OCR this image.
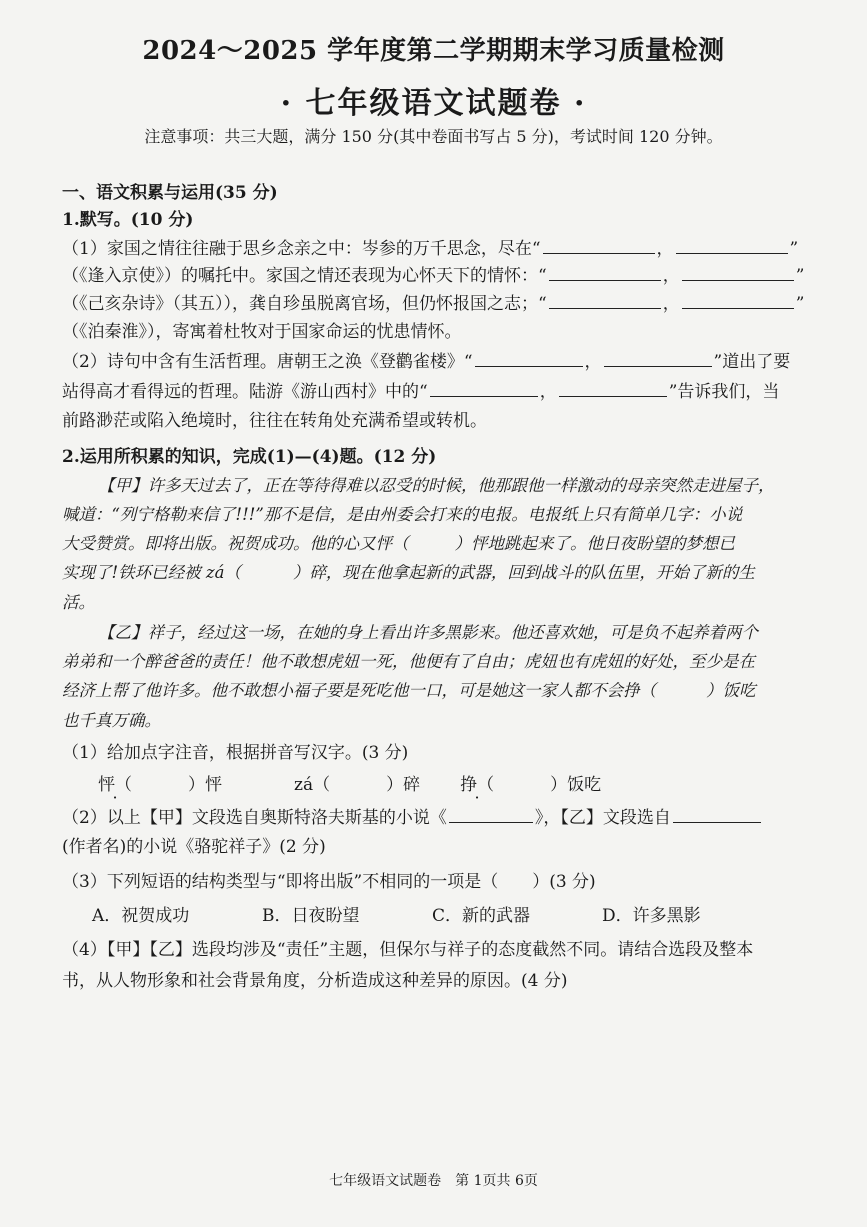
2024～2025 学年度第二学期期末学习质量检测
· 七年级语文试题卷 ·
注意事项：共三大题，满分 150 分(其中卷面书写占 5 分)，考试时间 120 分钟。
一、语文积累与运用(35 分)
1.默写。(10 分)
（1）家国之情往往融于思乡念亲之中：岑参的万千思念，尽在“	，	”
（《逢入京使》）的嘱托中。家国之情还表现为心怀天下的情怀：“	，	”
（《己亥杂诗》（其五）），龚自珍虽脱离官场，但仍怀报国之志；“	，	”
（《泊秦淮》），寄寓着杜牧对于国家命运的忧患情怀。
（2）诗句中含有生活哲理。唐朝王之涣《登鹳雀楼》“	，	”道出了要
站得高才看得远的哲理。陆游《游山西村》中的“	，	”告诉我们，当
前路渺茫或陷入绝境时，往往在转角处充满希望或转机。
2.运用所积累的知识，完成(1)—(4)题。(12 分)
【甲】许多天过去了，正在等待得难以忍受的时候，他那跟他一样激动的母亲突然走进屋子，
喊道：“列宁格勒来信了!!!”那不是信，是由州委会打来的电报。电报纸上只有简单几字：小说
大受赞赏。即将出版。祝贺成功。他的心又怦（	）怦地跳起来了。他日夜盼望的梦想已
实现了!铁环已经被 zá（	）碎，现在他拿起新的武器，回到战斗的队伍里，开始了新的生
活。
【乙】祥子，经过这一场，在她的身上看出许多黑影来。他还喜欢她，可是负不起养着两个
弟弟和一个醉爸爸的责任！他不敢想虎妞一死，他便有了自由；虎妞也有虎妞的好处，至少是在
经济上帮了他许多。他不敢想小福子要是死吃他一口，可是她这一家人都不会挣（	）饭吃
也千真万确。
（1）给加点字注音，根据拼音写汉字。(3 分)
怦（ ·	）怦	zá（	）碎 挣（ ·	）饭吃
（2）以上【甲】文段选自奥斯特洛夫斯基的小说《	》，【乙】文段选自
(作者名)的小说《骆驼祥子》(2 分)
（3）下列短语的结构类型与“即将出版”不相同的一项是（　　）(3 分)
A．祝贺成功	B．日夜盼望	C．新的武器	D．许多黑影
（4）【甲】【乙】选段均涉及“责任”主题，但保尔与祥子的态度截然不同。请结合选段及整本
书，从人物形象和社会背景角度，分析造成这种差异的原因。(4 分)
七年级语文试题卷　第 1页共 6页
